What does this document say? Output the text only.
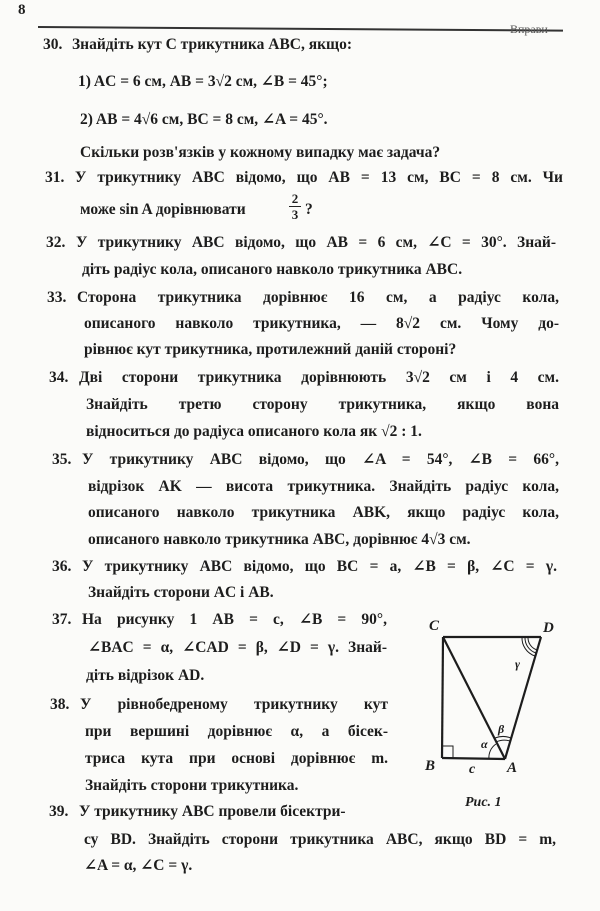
8
Вправи
30. Знайдіть кут C трикутника ABC, якщо:
1) AC = 6 см, AB = 3√2 см, ∠B = 45°;
2) AB = 4√6 см, BC = 8 см, ∠A = 45°.
Скільки розв'язків у кожному випадку має задача?
31. У трикутнику ABC відомо, що AB = 13 см, BC = 8 см. Чи
може sin A дорівнювати
2
3 ?
32. У трикутнику ABC відомо, що AB = 6 см, ∠C = 30°. Знай-
діть радіус кола, описаного навколо трикутника ABC.
33. Сторона трикутника дорівнює 16 см, а радіус кола,
описаного навколо трикутника, — 8√2 см. Чому до-
рівнює кут трикутника, протилежний даній стороні?
34. Дві сторони трикутника дорівнюють 3√2 см і 4 см.
Знайдіть третю сторону трикутника, якщо вона
відноситься до радіуса описаного кола як √2 : 1.
35. У трикутнику ABC відомо, що ∠A = 54°, ∠B = 66°,
відрізок AK — висота трикутника. Знайдіть радіус кола,
описаного навколо трикутника ABK, якщо радіус кола,
описаного навколо трикутника ABC, дорівнює 4√3 см.
36. У трикутнику ABC відомо, що BC = a, ∠B = β, ∠C = γ.
Знайдіть сторони AC і AB.
37. На рисунку 1 AB = c, ∠B = 90°,
∠BAC = α, ∠CAD = β, ∠D = γ. Знай-
діть відрізок AD.
38. У рівнобедреному трикутнику кут
при вершині дорівнює α, а бісек-
триса кута при основі дорівнює m.
Знайдіть сторони трикутника.
39. У трикутнику ABC провели бісектри-
су BD. Знайдіть сторони трикутника ABC, якщо BD = m,
∠A = α, ∠C = γ.
C	D
B	A
c
α
β
γ
Рис. 1
